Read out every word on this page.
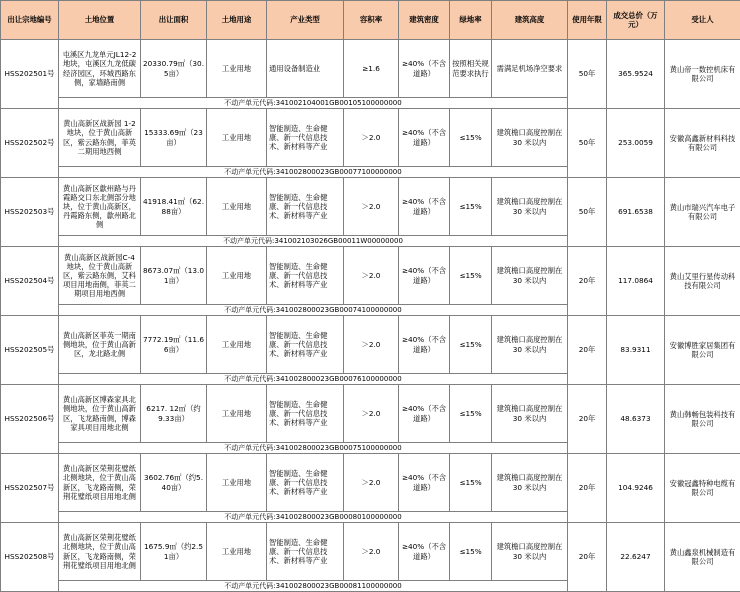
出让宗地编号	土地位置	出让面积	土地用途	产业类型	容积率	建筑密度	绿地率	建筑高度	使用年限	成交总价（万元）	受让人
HSS202501号	屯溪区九龙单元JL12-2 地块，屯溪区九龙低碳经济园区，环城西路东侧，家墙路南侧	20330.79㎡（30.5亩）	工业用地	通用设备制造业	≥1.6	≥40%（不含道路）	按照相关规范要求执行	需满足机场净空要求	50年	365.9524	黄山帝一数控机床有限公司
	不动产单元代码:341002104001GB00105100000000										
HSS202502号	黄山高新区战新园 1-2地块，位于黄山高新区，紫云路东侧，菲英二期用地西侧	15333.69㎡（23亩）	工业用地	智能制造、生命健康、新一代信息技术、新材料等产业	＞2.0	≥40%（不含道路）	≤15%	建筑檐口高度控制在 30 米以内	50年	253.0059	安徽高鑫新材料科技有限公司
	不动产单元代码:341002800023GB00077100000000										
HSS202503号	黄山高新区歙州路与丹霞路交口东北侧部分地块，位于黄山高新区，丹霞路东侧，歙州路北侧	41918.41㎡（62.88亩）	工业用地	智能制造、生命健康、新一代信息技术、新材料等产业	＞2.0	≥40%（不含道路）	≤15%	建筑檐口高度控制在 30 米以内	50年	691.6538	黄山市瑞兴汽车电子有限公司
	不动产单元代码:341002103026GB00011W00000000										
HSS202504号	黄山高新区战新园C-4地块，位于黄山高新区，紫云路东侧，艾科项目用地南侧，菲英二期项目用地西侧	8673.07㎡（13.01亩）	工业用地	智能制造、生命健康、新一代信息技术、新材料等产业	＞2.0	≥40%（不含道路）	≤15%	建筑檐口高度控制在 30 米以内	20年	117.0864	黄山艾里行星传动科技有限公司
	不动产单元代码:341002800023GB00074100000000										
HSS202505号	黄山高新区菲英一期南侧地块，位于黄山高新区，龙北路北侧	7772.19㎡（11.66亩）	工业用地	智能制造、生命健康、新一代信息技术、新材料等产业	＞2.0	≥40%（不含道路）	≤15%	建筑檐口高度控制在 30 米以内	20年	83.9311	安徽博胜家居集团有限公司
	不动产单元代码:341002800023GB00076100000000										
HSS202506号	黄山高新区博森家具北侧地块，位于黄山高新区，飞龙路南侧，博森家具项目用地北侧	6217. 12㎡（约9.33亩）	工业用地	智能制造、生命健康、新一代信息技术、新材料等产业	＞2.0	≥40%（不含道路）	≤15%	建筑檐口高度控制在 30 米以内	20年	48.6373	黄山韩畅包装科技有限公司
	不动产单元代码:341002800023GB00075100000000										
HSS202507号	黄山高新区荣荆花璧纸北侧地块，位于黄山高新区，飞龙路南侧，荣荆花璧纸项目用地北侧	3602.76㎡（约5.40亩）	工业用地	智能制造、生命健康、新一代信息技术、新材料等产业	＞2.0	≥40%（不含道路）	≤15%	建筑檐口高度控制在 30 米以内	20年	104.9246	安徽冠鑫特种电缆有限公司
	不动产单元代码:341002800023GB00080100000000										
HSS202508号	黄山高新区荣荆花璧纸北侧地块，位于黄山高新区，飞龙路南侧，荣荆花璧纸项目用地北侧	1675.9㎡（约2.51亩）	工业用地	智能制造、生命健康、新一代信息技术、新材料等产业	＞2.0	≥40%（不含道路）	≤15%	建筑檐口高度控制在 30 米以内	20年	22.6247	黄山鑫泉机械制造有限公司
	不动产单元代码:341002800023GB00081100000000										
